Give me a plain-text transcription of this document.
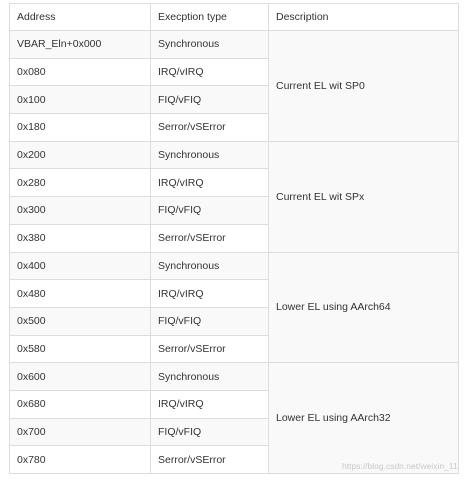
Address	Execption type	Description
VBAR_Eln+0x000	Synchronous	Current EL wit SP0
0x080	IRQ/vIRQ	
0x100	FIQ/vFIQ	
0x180	Serror/vSError	
0x200	Synchronous	Current EL wit SPx
0x280	IRQ/vIRQ	
0x300	FIQ/vFIQ	
0x380	Serror/vSError	
0x400	Synchronous	Lower EL using AArch64
0x480	IRQ/vIRQ	
0x500	FIQ/vFIQ	
0x580	Serror/vSError	
0x600	Synchronous	Lower EL using AArch32
0x680	IRQ/vIRQ	
0x700	FIQ/vFIQ	
0x780	Serror/vSError	
https://blog.csdn.net/weixin_11
